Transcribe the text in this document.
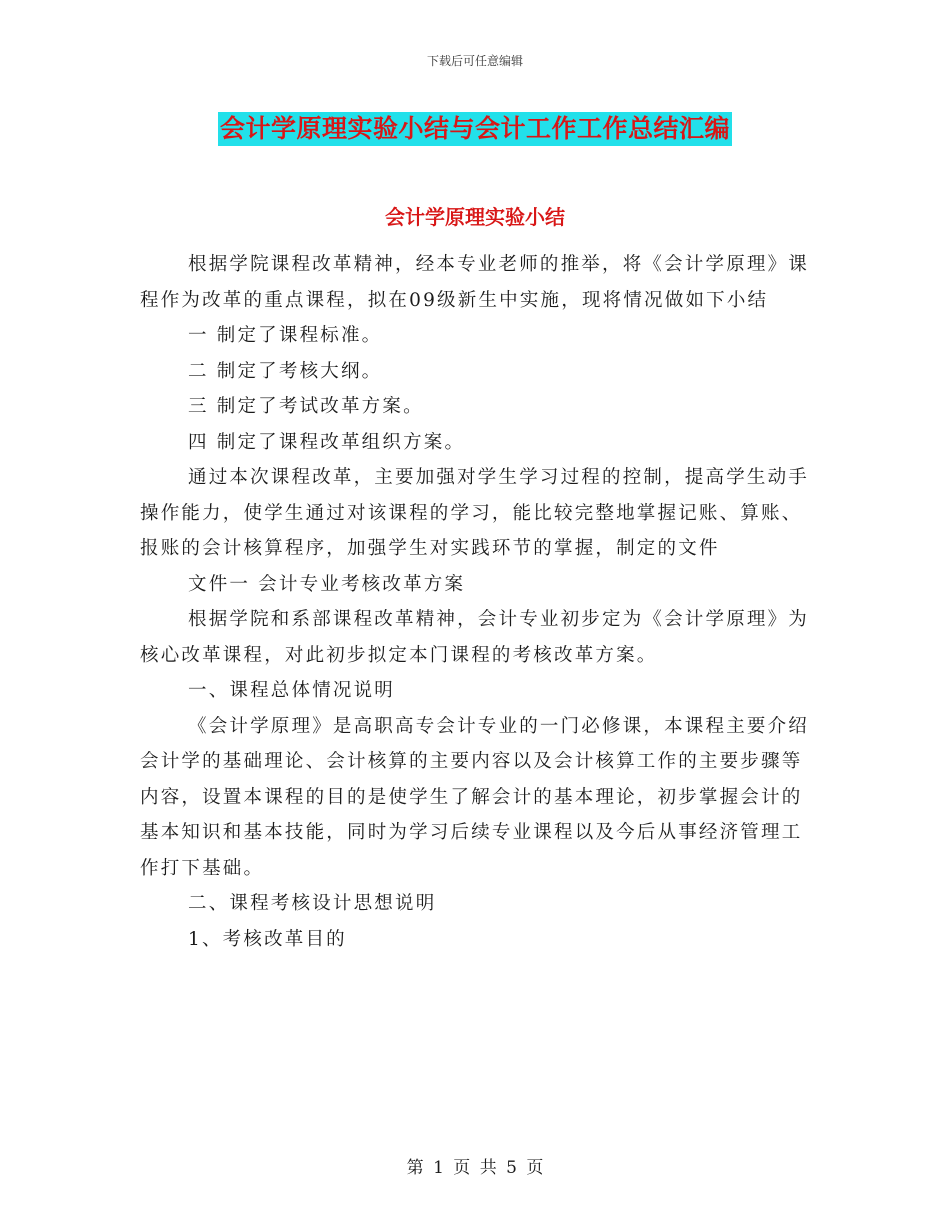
下载后可任意编辑
会计学原理实验小结与会计工作工作总结汇编
会计学原理实验小结

根据学院课程改革精神，经本专业老师的推举，将《会计学原理》课程作为改革的重点课程，拟在09级新生中实施，现将情况做如下小结

一 制定了课程标准。

二 制定了考核大纲。

三 制定了考试改革方案。

四 制定了课程改革组织方案。

通过本次课程改革，主要加强对学生学习过程的控制，提高学生动手操作能力，使学生通过对该课程的学习，能比较完整地掌握记账、算账、报账的会计核算程序，加强学生对实践环节的掌握，制定的文件

文件一 会计专业考核改革方案

根据学院和系部课程改革精神，会计专业初步定为《会计学原理》为核心改革课程，对此初步拟定本门课程的考核改革方案。

一、课程总体情况说明

《会计学原理》是高职高专会计专业的一门必修课，本课程主要介绍会计学的基础理论、会计核算的主要内容以及会计核算工作的主要步骤等内容，设置本课程的目的是使学生了解会计的基本理论，初步掌握会计的基本知识和基本技能，同时为学习后续专业课程以及今后从事经济管理工作打下基础。

二、课程考核设计思想说明

1、考核改革目的

第 1 页 共 5 页
